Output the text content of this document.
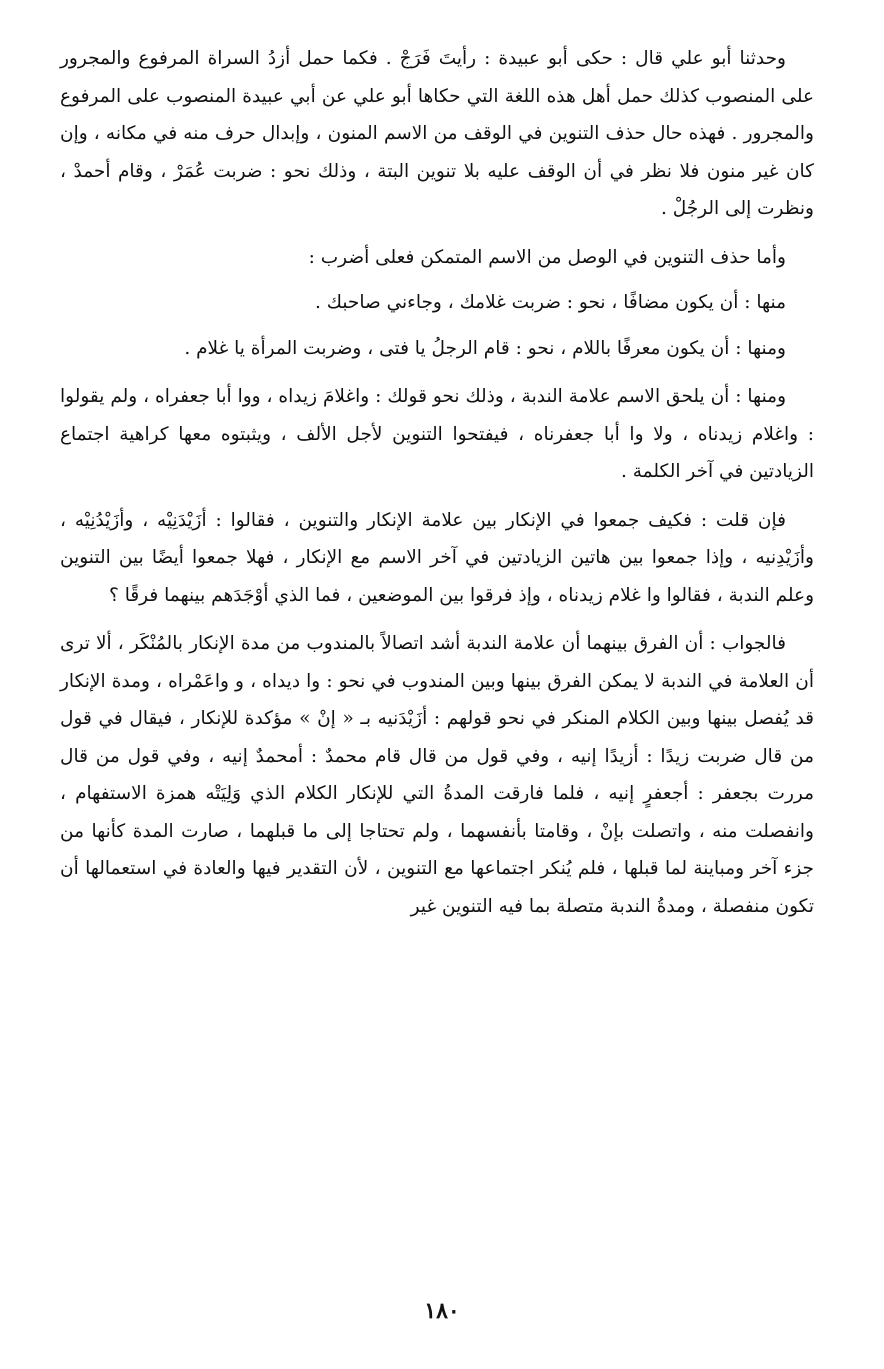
وحدثنا أبو علي قال : حكى أبو عبيدة : رأيتَ فَرَجْ . فكما حمل أزدُ السراة المرفوع والمجرور على المنصوب كذلك حمل أهل هذه اللغة التي حكاها أبو علي عن أبي عبيدة المنصوب على المرفوع والمجرور . فهذه حال حذف التنوين في الوقف من الاسم المنون ، وإبدال حرف منه في مكانه ، وإن كان غير منون فلا نظر في أن الوقف عليه بلا تنوين البتة ، وذلك نحو : ضربت عُمَرْ ، وقام أحمدْ ، ونظرت إلى الرجُلْ .

وأما حذف التنوين في الوصل من الاسم المتمكن فعلى أضرب :

منها : أن يكون مضافًا ، نحو : ضربت غلامك ، وجاءني صاحبك .

ومنها : أن يكون معرفًا باللام ، نحو : قام الرجلُ يا فتى ، وضربت المرأة يا غلام .

ومنها : أن يلحق الاسم علامة الندبة ، وذلك نحو قولك : واغلامَ زيداه ، ووا أبا جعفراه ، ولم يقولوا : واغلام زيدناه ، ولا وا أبا جعفرناه ، فيفتحوا التنوين لأجل الألف ، ويثبتوه معها كراهية اجتماع الزيادتين في آخر الكلمة .

فإن قلت : فكيف جمعوا في الإنكار بين علامة الإنكار والتنوين ، فقالوا : أزَيْدَنِيْه ، وأزَيْدُنِيْه ، وأزَيْدِنيه ، وإذا جمعوا بين هاتين الزيادتين في آخر الاسم مع الإنكار ، فهلا جمعوا أيضًا بين التنوين وعلم الندبة ، فقالوا وا غلام زيدناه ، وإذ فرقوا بين الموضعين ، فما الذي أوْجَدَهم بينهما فرقًا ؟

فالجواب : أن الفرق بينهما أن علامة الندبة أشد اتصالاً بالمندوب من مدة الإنكار بالمُنْكَر ، ألا ترى أن العلامة في الندبة لا يمكن الفرق بينها وبين المندوب في نحو : وا ديداه ، و واعَمْراه ، ومدة الإنكار قد يُفصل بينها وبين الكلام المنكر في نحو قولهم : أزَيْدَنيه بـ « إنْ » مؤكدة للإنكار ، فيقال في قول من قال ضربت زيدًا : أزيدًا إنيه ، وفي قول من قال قام محمدٌ : أمحمدٌ إنيه ، وفي قول من قال مررت بجعفر : أجعفرٍ إنيه ، فلما فارقت المدةُ التي للإنكار الكلام الذي وَلِيَتْه همزة الاستفهام ، وانفصلت منه ، واتصلت بإنْ ، وقامتا بأنفسهما ، ولم تحتاجا إلى ما قبلهما ، صارت المدة كأنها من جزء آخر ومباينة لما قبلها ، فلم يُنكر اجتماعها مع التنوين ، لأن التقدير فيها والعادة في استعمالها أن تكون منفصلة ، ومدةُ الندبة متصلة بما فيه التنوين غير

١٨٠
